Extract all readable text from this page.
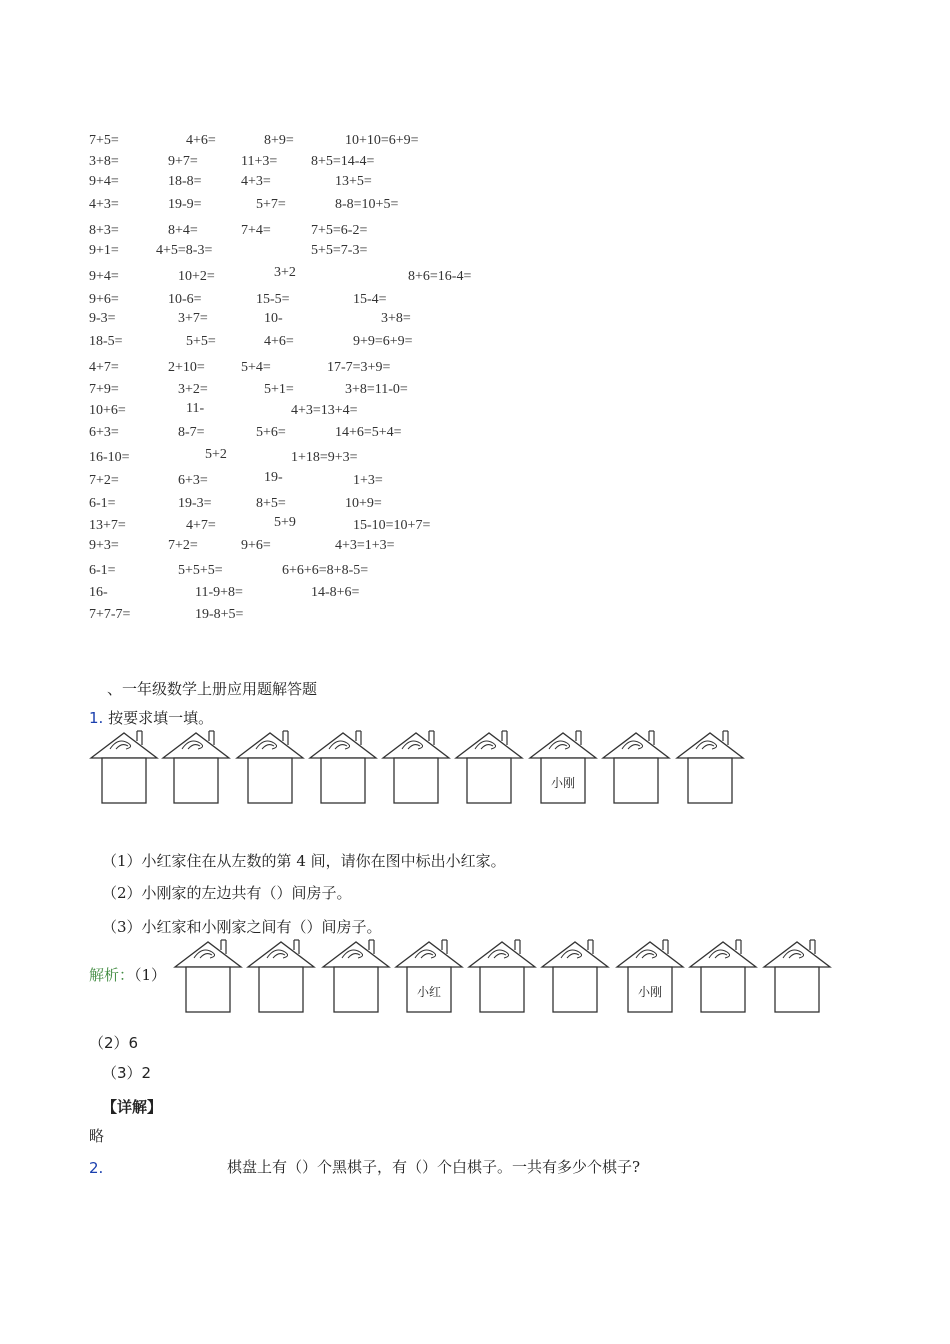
7+5=	4+6=	8+9=	10+10=6+9=
3+8=	9+7=	11+3= 8+5=14-4=
9+4=	18-8=	4+3=	13+5=
4+3=	19-9=	5+7=	8-8=10+5=
8+3=	8+4=	7+4=	7+5=6-2=
9+1=	4+5=8-3=	5+5=7-3=
9+4=	10+2=	3+2	8+6=16-4=
9+6=	10-6=	15-5=	15-4=
9-3=	3+7=	10-	3+8=
18-5=	5+5=	4+6=	9+9=6+9=
4+7=	2+10=	5+4=	17-7=3+9=
7+9=	3+2=	5+1=	3+8=11-0=
10+6=	11-	4+3=13+4=
6+3=	8-7=	5+6=	14+6=5+4=
16-10=	5+2	1+18=9+3=
7+2=	6+3=	19-	1+3=
6-1=	19-3=	8+5=	10+9=
13+7=	4+7=	5+9	15-10=10+7=
9+3=	7+2=	9+6=	4+3=1+3=
6-1=	5+5+5=	6+6+6=8+8-5=
16-	11-9+8=	14-8+6=
7+7-7=	19-8+5=
、一年级数学上册应用题解答题
1. 按要求填一填。
小刚
（1）小红家住在从左数的第 4 间，请你在图中标出小红家。
（2）小刚家的左边共有（）间房子。
（3）小红家和小刚家之间有（）间房子。
解析：（1）
小红	小刚
（2）6
（3）2
【详解】
略
2.	棋盘上有（）个黑棋子，有（）个白棋子。一共有多少个棋子?
